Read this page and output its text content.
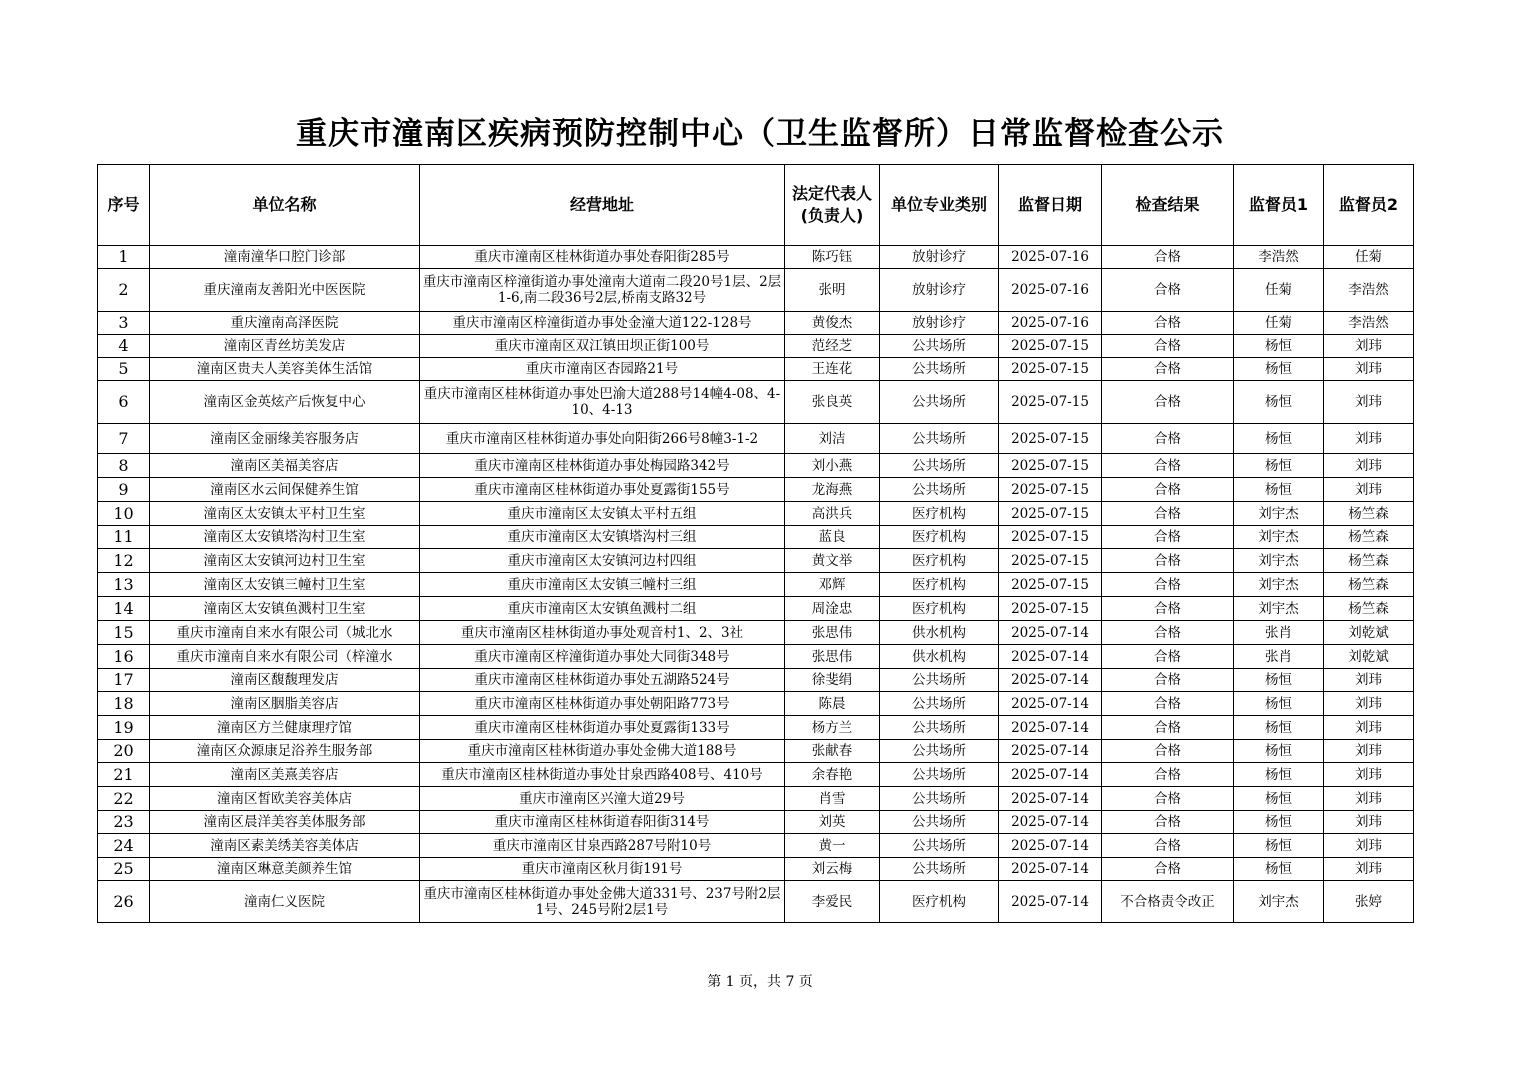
重庆市潼南区疾病预防控制中心（卫生监督所）日常监督检查公示
序号	单位名称	经营地址	法定代表人(负责人)	单位专业类别	监督日期	检查结果	监督员1	监督员2
1	潼南潼华口腔门诊部	重庆市潼南区桂林街道办事处春阳街285号	陈巧钰	放射诊疗	2025-07-16	合格	李浩然	任菊
2	重庆潼南友善阳光中医医院	重庆市潼南区梓潼街道办事处潼南大道南二段20号1层、2层1-6,南二段36号2层,桥南支路32号	张明	放射诊疗	2025-07-16	合格	任菊	李浩然
3	重庆潼南高泽医院	重庆市潼南区梓潼街道办事处金潼大道122-128号	黄俊杰	放射诊疗	2025-07-16	合格	任菊	李浩然
4	潼南区青丝坊美发店	重庆市潼南区双江镇田坝正街100号	范经芝	公共场所	2025-07-15	合格	杨恒	刘玮
5	潼南区贵夫人美容美体生活馆	重庆市潼南区杏园路21号	王连花	公共场所	2025-07-15	合格	杨恒	刘玮
6	潼南区金英炫产后恢复中心	重庆市潼南区桂林街道办事处巴渝大道288号14幢4-08、4-10、4-13	张良英	公共场所	2025-07-15	合格	杨恒	刘玮
7	潼南区金丽缘美容服务店	重庆市潼南区桂林街道办事处向阳街266号8幢3-1-2	刘洁	公共场所	2025-07-15	合格	杨恒	刘玮
8	潼南区美福美容店	重庆市潼南区桂林街道办事处梅园路342号	刘小燕	公共场所	2025-07-15	合格	杨恒	刘玮
9	潼南区水云间保健养生馆	重庆市潼南区桂林街道办事处夏露街155号	龙海燕	公共场所	2025-07-15	合格	杨恒	刘玮
10	潼南区太安镇太平村卫生室	重庆市潼南区太安镇太平村五组	高洪兵	医疗机构	2025-07-15	合格	刘宇杰	杨竺森
11	潼南区太安镇塔沟村卫生室	重庆市潼南区太安镇塔沟村三组	蓝良	医疗机构	2025-07-15	合格	刘宇杰	杨竺森
12	潼南区太安镇河边村卫生室	重庆市潼南区太安镇河边村四组	黄文举	医疗机构	2025-07-15	合格	刘宇杰	杨竺森
13	潼南区太安镇三幢村卫生室	重庆市潼南区太安镇三幢村三组	邓辉	医疗机构	2025-07-15	合格	刘宇杰	杨竺森
14	潼南区太安镇鱼溅村卫生室	重庆市潼南区太安镇鱼溅村二组	周淦忠	医疗机构	2025-07-15	合格	刘宇杰	杨竺森
15	重庆市潼南自来水有限公司（城北水	重庆市潼南区桂林街道办事处观音村1、2、3社	张思伟	供水机构	2025-07-14	合格	张肖	刘乾斌
16	重庆市潼南自来水有限公司（梓潼水	重庆市潼南区梓潼街道办事处大同街348号	张思伟	供水机构	2025-07-14	合格	张肖	刘乾斌
17	潼南区馥馥理发店	重庆市潼南区桂林街道办事处五湖路524号	徐斐绢	公共场所	2025-07-14	合格	杨恒	刘玮
18	潼南区胭脂美容店	重庆市潼南区桂林街道办事处朝阳路773号	陈晨	公共场所	2025-07-14	合格	杨恒	刘玮
19	潼南区方兰健康理疗馆	重庆市潼南区桂林街道办事处夏露街133号	杨方兰	公共场所	2025-07-14	合格	杨恒	刘玮
20	潼南区众源康足浴养生服务部	重庆市潼南区桂林街道办事处金佛大道188号	张献春	公共场所	2025-07-14	合格	杨恒	刘玮
21	潼南区美熹美容店	重庆市潼南区桂林街道办事处甘泉西路408号、410号	余春艳	公共场所	2025-07-14	合格	杨恒	刘玮
22	潼南区皙欧美容美体店	重庆市潼南区兴潼大道29号	肖雪	公共场所	2025-07-14	合格	杨恒	刘玮
23	潼南区晨洋美容美体服务部	重庆市潼南区桂林街道春阳街314号	刘英	公共场所	2025-07-14	合格	杨恒	刘玮
24	潼南区素美绣美容美体店	重庆市潼南区甘泉西路287号附10号	黄一	公共场所	2025-07-14	合格	杨恒	刘玮
25	潼南区琳意美颜养生馆	重庆市潼南区秋月街191号	刘云梅	公共场所	2025-07-14	合格	杨恒	刘玮
26	潼南仁义医院	重庆市潼南区桂林街道办事处金佛大道331号、237号附2层1号、245号附2层1号	李爱民	医疗机构	2025-07-14	不合格责令改正	刘宇杰	张婷
第 1 页，共 7 页
